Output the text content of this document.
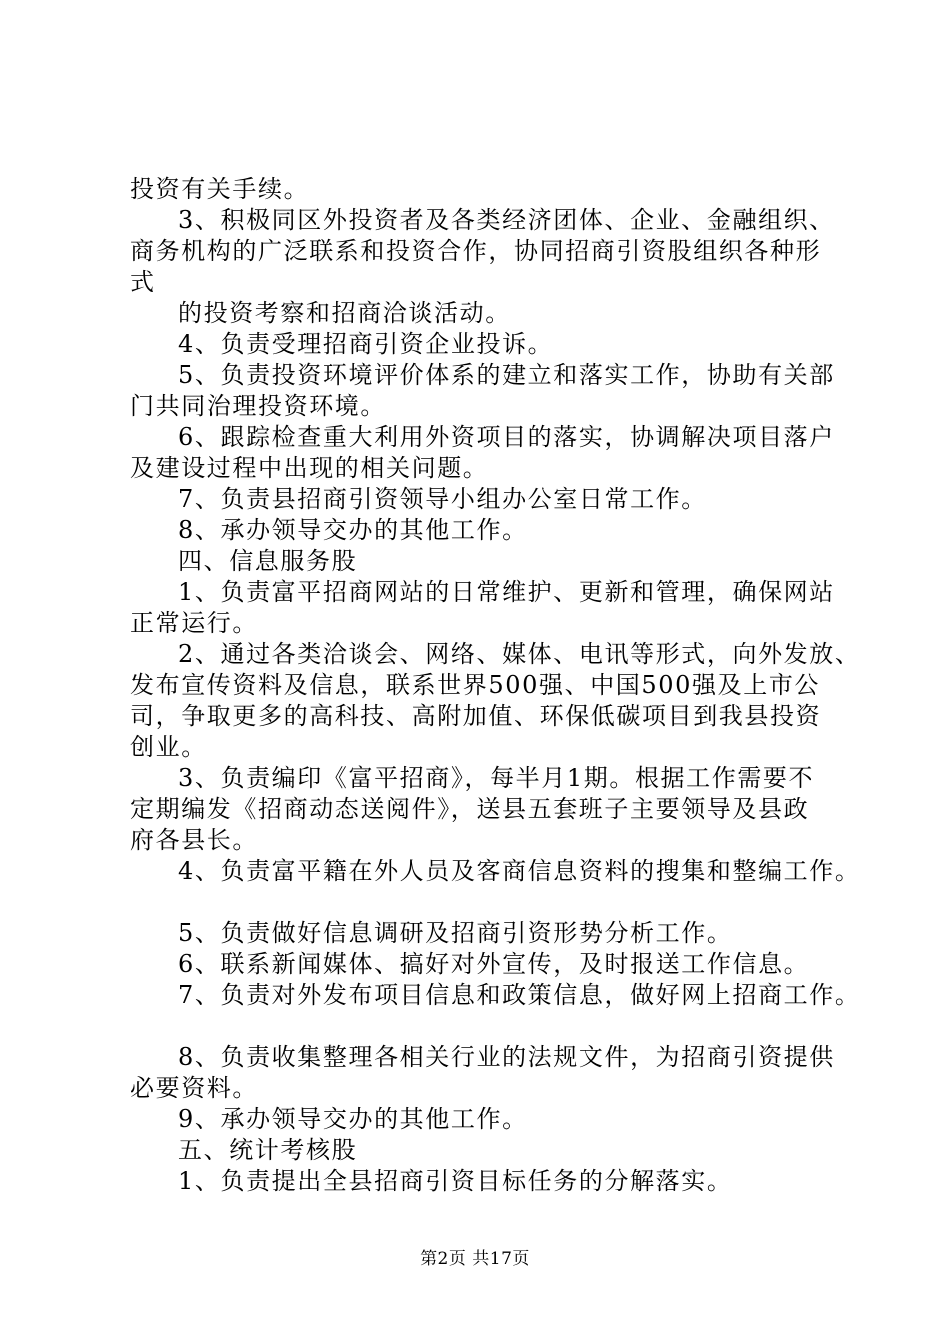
投资有关手续。
3、积极同区外投资者及各类经济团体、企业、金融组织、
商务机构的广泛联系和投资合作，协同招商引资股组织各种形
式
的投资考察和招商洽谈活动。
4、负责受理招商引资企业投诉。
5、负责投资环境评价体系的建立和落实工作，协助有关部
门共同治理投资环境。
6、跟踪检查重大利用外资项目的落实，协调解决项目落户
及建设过程中出现的相关问题。
7、负责县招商引资领导小组办公室日常工作。
8、承办领导交办的其他工作。
四、信息服务股
1、负责富平招商网站的日常维护、更新和管理，确保网站
正常运行。
2、通过各类洽谈会、网络、媒体、电讯等形式，向外发放、
发布宣传资料及信息，联系世界500强、中国500强及上市公
司，争取更多的高科技、高附加值、环保低碳项目到我县投资
创业。
3、负责编印《富平招商》，每半月1期。根据工作需要不
定期编发《招商动态送阅件》，送县五套班子主要领导及县政
府各县长。
4、负责富平籍在外人员及客商信息资料的搜集和整编工作。
5、负责做好信息调研及招商引资形势分析工作。
6、联系新闻媒体、搞好对外宣传，及时报送工作信息。
7、负责对外发布项目信息和政策信息，做好网上招商工作。
8、负责收集整理各相关行业的法规文件，为招商引资提供
必要资料。
9、承办领导交办的其他工作。
五、统计考核股
1、负责提出全县招商引资目标任务的分解落实。
第2页 共17页
